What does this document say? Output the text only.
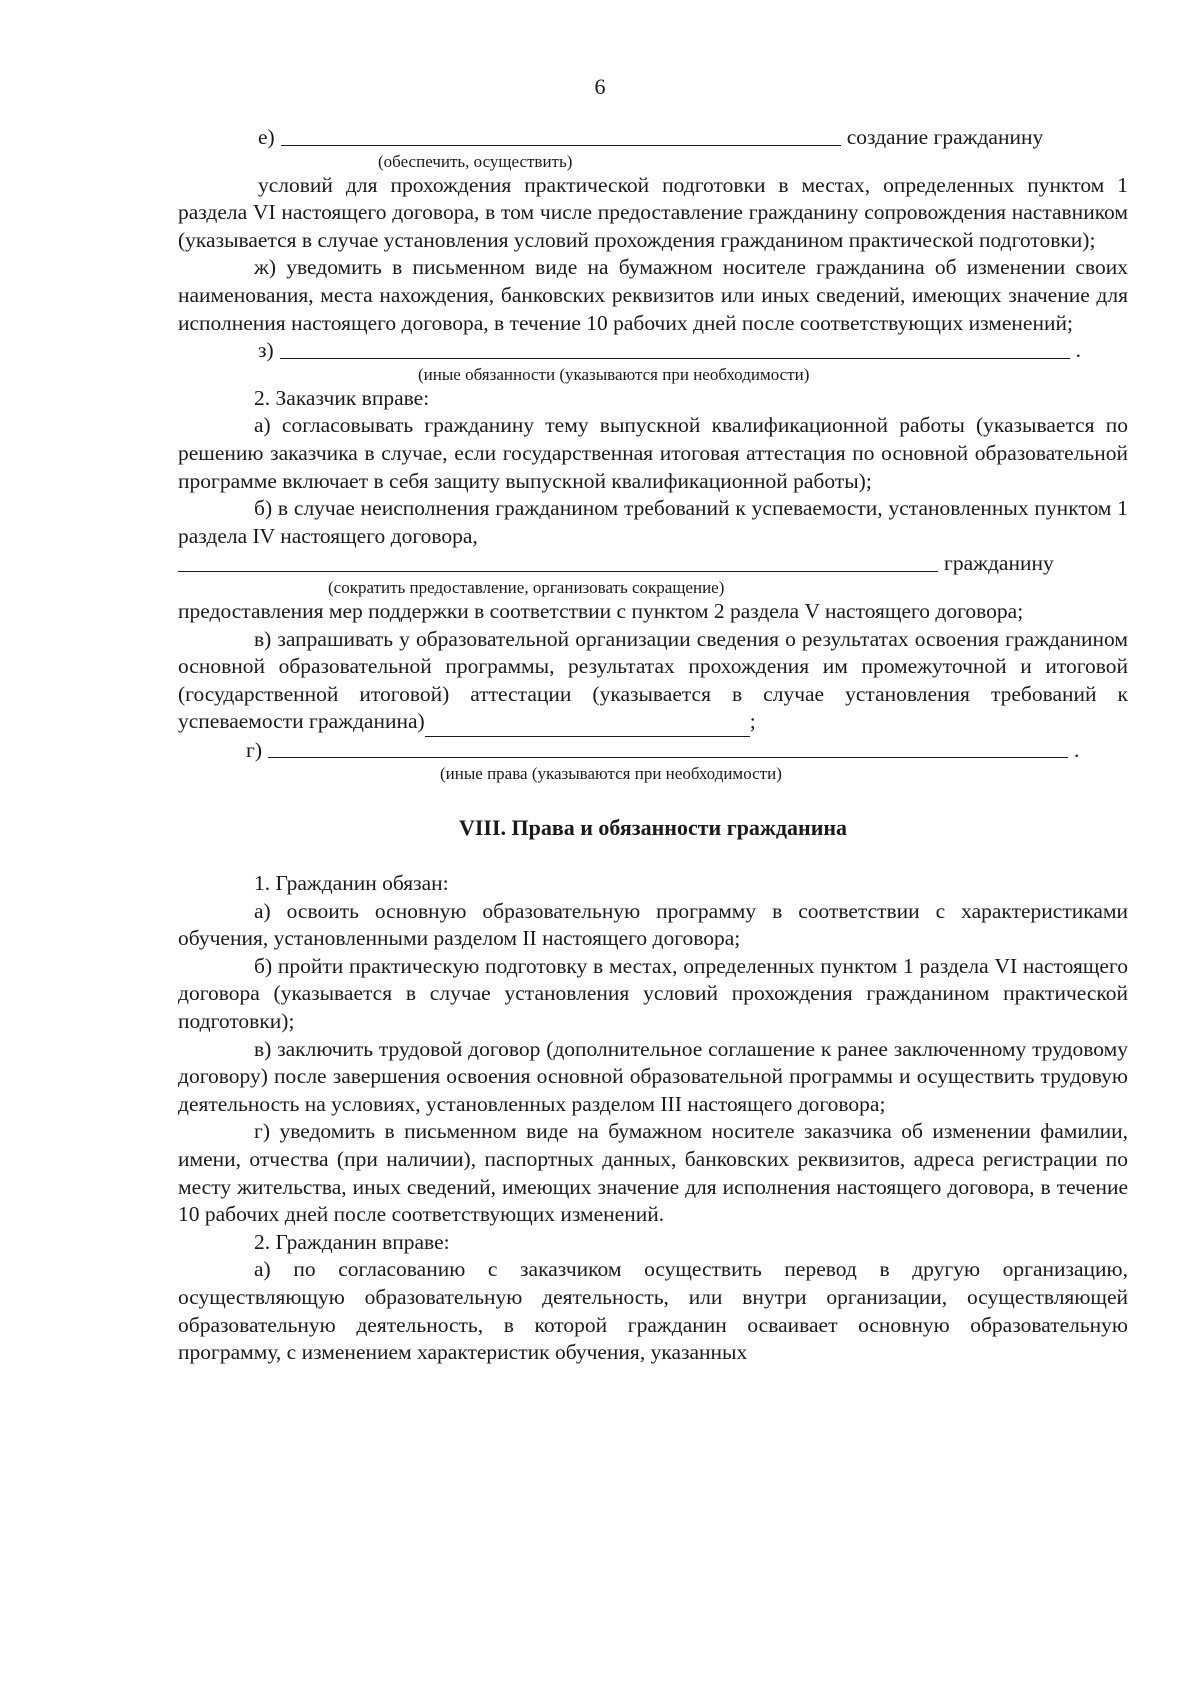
6
е)	создание гражданину
(обеспечить, осуществить)

условий для прохождения практической подготовки в местах, определенных пунктом 1 раздела VI настоящего договора, в том числе предоставление гражданину сопровождения наставником (указывается в случае установления условий прохождения гражданином практической подготовки);

ж) уведомить в письменном виде на бумажном носителе гражданина об изменении своих наименования, места нахождения, банковских реквизитов или иных сведений, имеющих значение для исполнения настоящего договора, в течение 10 рабочих дней после соответствующих изменений;

з)	.
(иные обязанности (указываются при необходимости)

2. Заказчик вправе:

а) согласовывать гражданину тему выпускной квалификационной работы (указывается по решению заказчика в случае, если государственная итоговая аттестация по основной образовательной программе включает в себя защиту выпускной квалификационной работы);

б) в случае неисполнения гражданином требований к успеваемости, установленных пунктом 1 раздела IV настоящего договора,

гражданину
(сократить предоставление, организовать сокращение)

предоставления мер поддержки в соответствии с пунктом 2 раздела V настоящего договора;

в) запрашивать у образовательной организации сведения о результатах освоения гражданином основной образовательной программы, результатах прохождения им промежуточной и итоговой (государственной итоговой) аттестации (указывается в случае установления требований к успеваемости гражданина)	;

г)	.
(иные права (указываются при необходимости)
VIII. Права и обязанности гражданина

1. Гражданин обязан:

а) освоить основную образовательную программу в соответствии с характеристиками обучения, установленными разделом II настоящего договора;

б) пройти практическую подготовку в местах, определенных пунктом 1 раздела VI настоящего договора (указывается в случае установления условий прохождения гражданином практической подготовки);

в) заключить трудовой договор (дополнительное соглашение к ранее заключенному трудовому договору) после завершения освоения основной образовательной программы и осуществить трудовую деятельность на условиях, установленных разделом III настоящего договора;

г) уведомить в письменном виде на бумажном носителе заказчика об изменении фамилии, имени, отчества (при наличии), паспортных данных, банковских реквизитов, адреса регистрации по месту жительства, иных сведений, имеющих значение для исполнения настоящего договора, в течение 10 рабочих дней после соответствующих изменений.

2. Гражданин вправе:

а) по согласованию с заказчиком осуществить перевод в другую организацию, осуществляющую образовательную деятельность, или внутри организации, осуществляющей образовательную деятельность, в которой гражданин осваивает основную образовательную программу, с изменением характеристик обучения, указанных
